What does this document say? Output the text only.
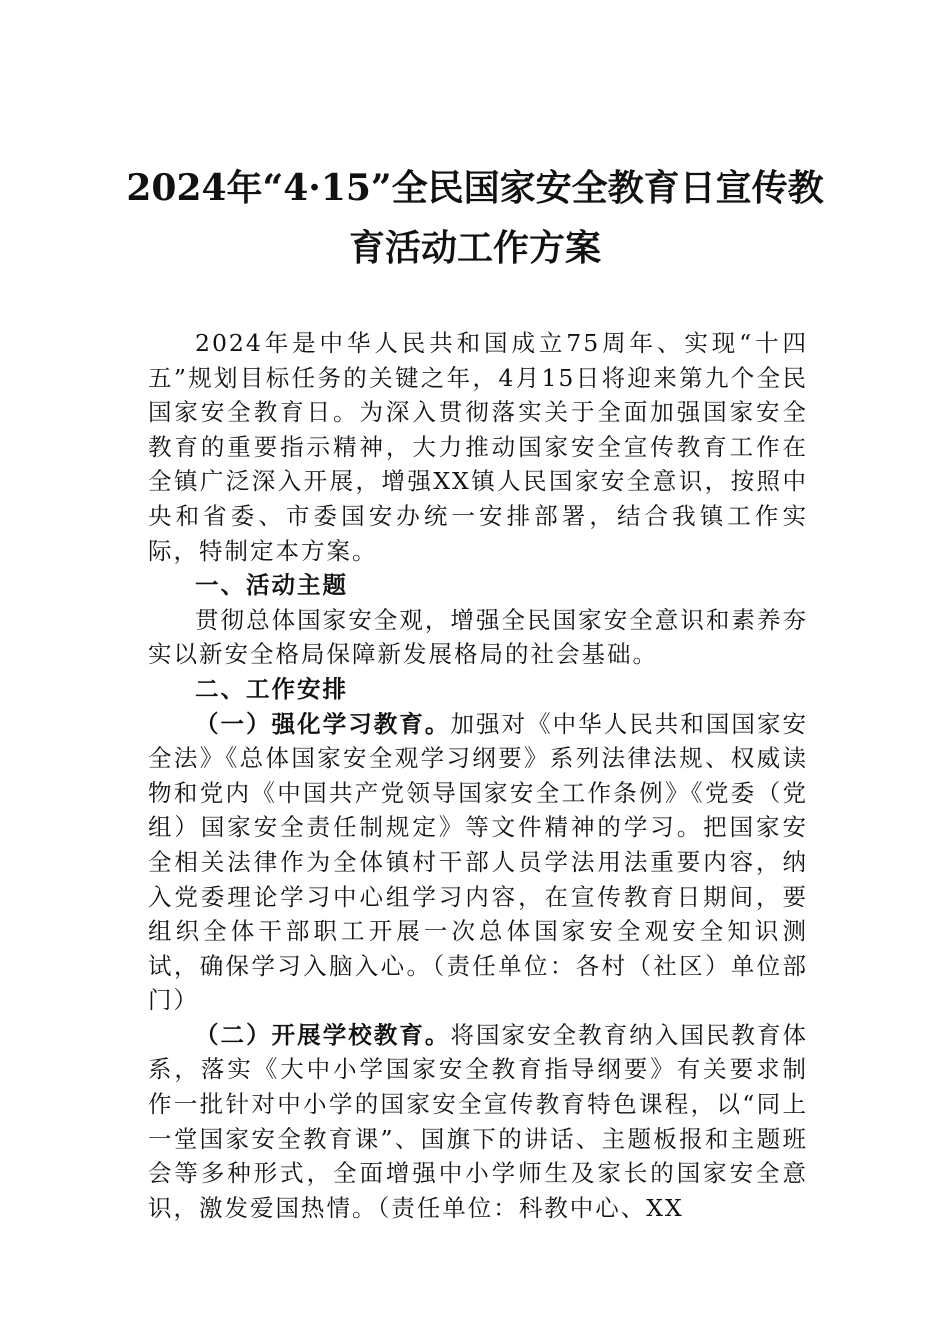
2024年“4·15”全民国家安全教育日宣传教
育活动工作方案

2024年是中华人民共和国成立75周年、实现“十四五”规划目标任务的关键之年，4月15日将迎来第九个全民国家安全教育日。为深入贯彻落实关于全面加强国家安全教育的重要指示精神，大力推动国家安全宣传教育工作在全镇广泛深入开展，增强XX镇人民国家安全意识，按照中央和省委、市委国安办统一安排部署，结合我镇工作实际，特制定本方案。

一、活动主题

贯彻总体国家安全观，增强全民国家安全意识和素养夯实以新安全格局保障新发展格局的社会基础。

二、工作安排

（一）强化学习教育。加强对《中华人民共和国国家安全法》《总体国家安全观学习纲要》系列法律法规、权威读物和党内《中国共产党领导国家安全工作条例》《党委（党组）国家安全责任制规定》等文件精神的学习。把国家安全相关法律作为全体镇村干部人员学法用法重要内容，纳入党委理论学习中心组学习内容，在宣传教育日期间，要组织全体干部职工开展一次总体国家安全观安全知识测试，确保学习入脑入心。（责任单位：各村（社区）单位部门）

（二）开展学校教育。将国家安全教育纳入国民教育体系，落实《大中小学国家安全教育指导纲要》有关要求制作一批针对中小学的国家安全宣传教育特色课程，以“同上一堂国家安全教育课”、国旗下的讲话、主题板报和主题班会等多种形式，全面增强中小学师生及家长的国家安全意识，激发爱国热情。（责任单位：科教中心、XX
